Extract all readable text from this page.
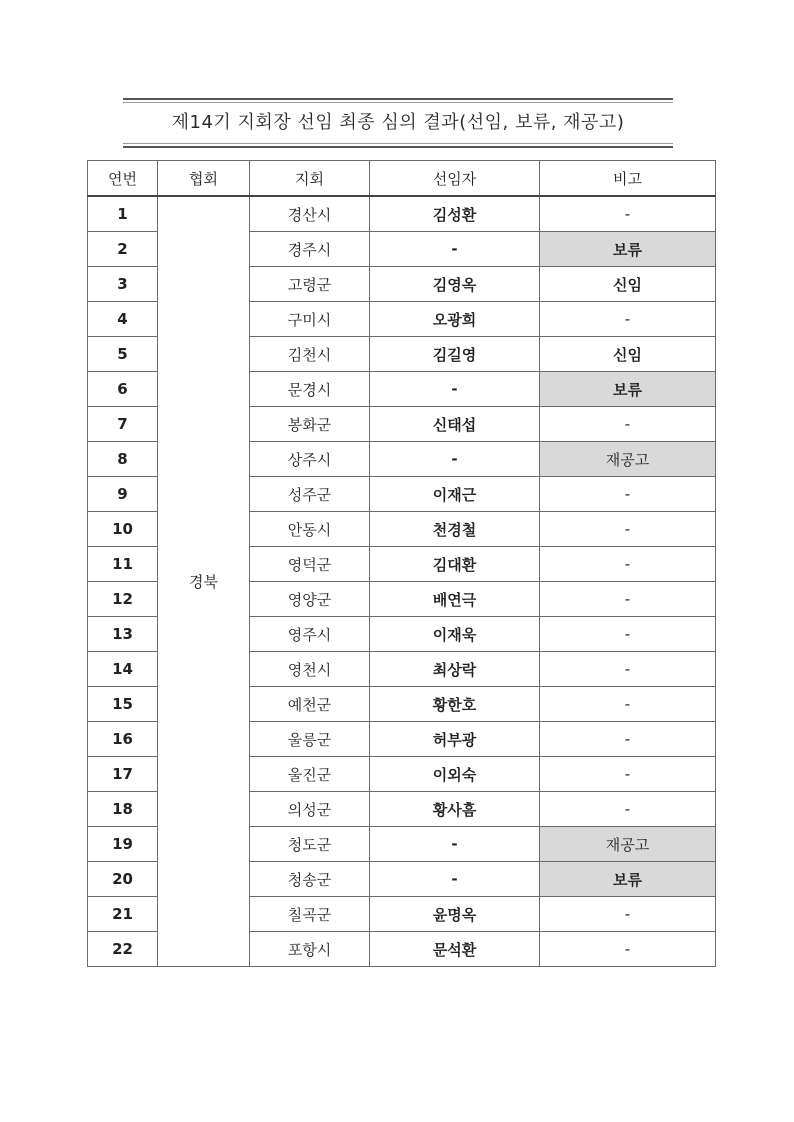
제14기 지회장 선임 최종 심의 결과(선임, 보류, 재공고)
연번	협회	지회	선임자	비고
1	경북	경산시	김성환	-
2		경주시	-	보류
3		고령군	김영옥	신임
4		구미시	오광희	-
5		김천시	김길영	신임
6		문경시	-	보류
7		봉화군	신태섭	-
8		상주시	-	재공고
9		성주군	이재근	-
10		안동시	천경철	-
11		영덕군	김대환	-
12		영양군	배연극	-
13		영주시	이재욱	-
14		영천시	최상락	-
15		예천군	황한호	-
16		울릉군	허부광	-
17		울진군	이외숙	-
18		의성군	황사흠	-
19		청도군	-	재공고
20		청송군	-	보류
21		칠곡군	윤명옥	-
22		포항시	문석환	-
